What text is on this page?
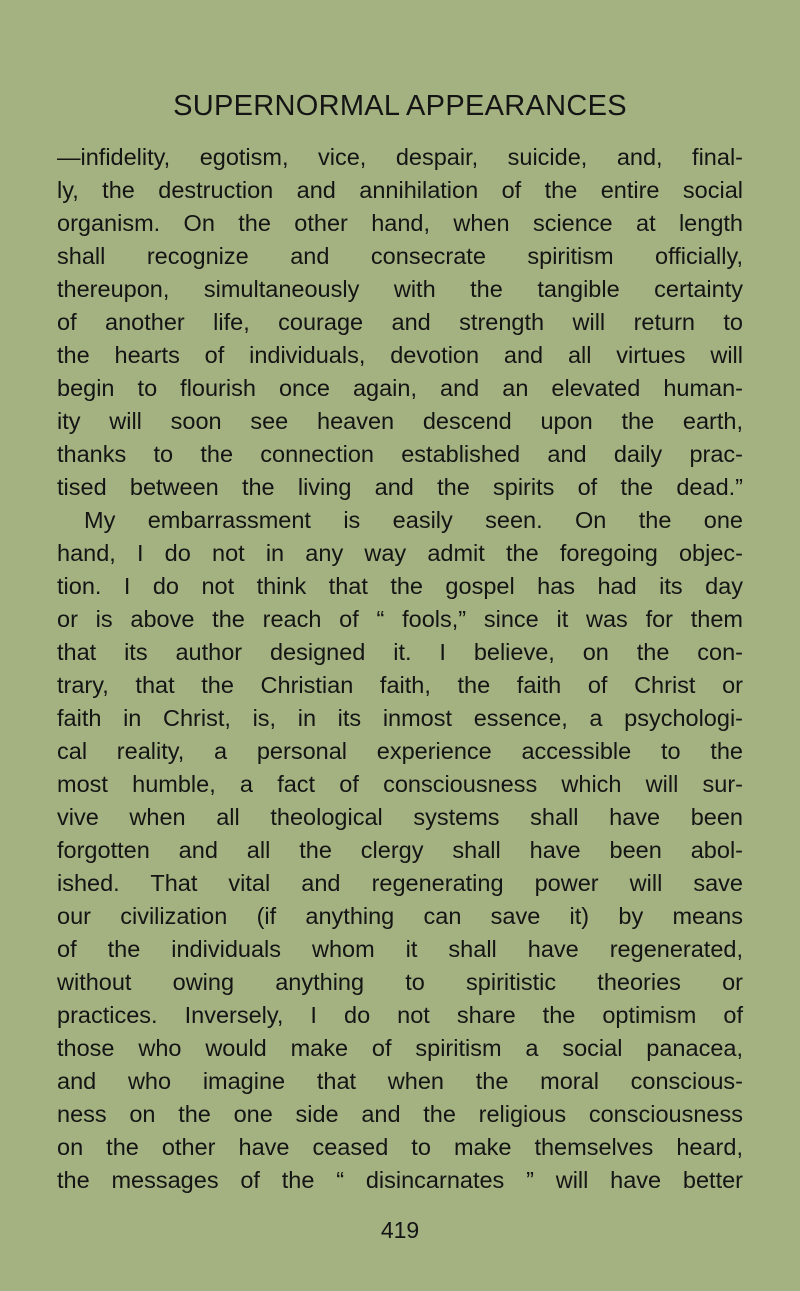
SUPERNORMAL APPEARANCES
—infidelity, egotism, vice, despair, suicide, and, final-
ly, the destruction and annihilation of the entire social
organism. On the other hand, when science at length
shall recognize and consecrate spiritism officially,
thereupon, simultaneously with the tangible certainty
of another life, courage and strength will return to
the hearts of individuals, devotion and all virtues will
begin to flourish once again, and an elevated human-
ity will soon see heaven descend upon the earth,
thanks to the connection established and daily prac-
tised between the living and the spirits of the dead.”
My embarrassment is easily seen. On the one
hand, I do not in any way admit the foregoing objec-
tion. I do not think that the gospel has had its day
or is above the reach of “ fools,” since it was for them
that its author designed it. I believe, on the con-
trary, that the Christian faith, the faith of Christ or
faith in Christ, is, in its inmost essence, a psychologi-
cal reality, a personal experience accessible to the
most humble, a fact of consciousness which will sur-
vive when all theological systems shall have been
forgotten and all the clergy shall have been abol-
ished. That vital and regenerating power will save
our civilization (if anything can save it) by means
of the individuals whom it shall have regenerated,
without owing anything to spiritistic theories or
practices. Inversely, I do not share the optimism of
those who would make of spiritism a social panacea,
and who imagine that when the moral conscious-
ness on the one side and the religious consciousness
on the other have ceased to make themselves heard,
the messages of the “ disincarnates ” will have better
419
